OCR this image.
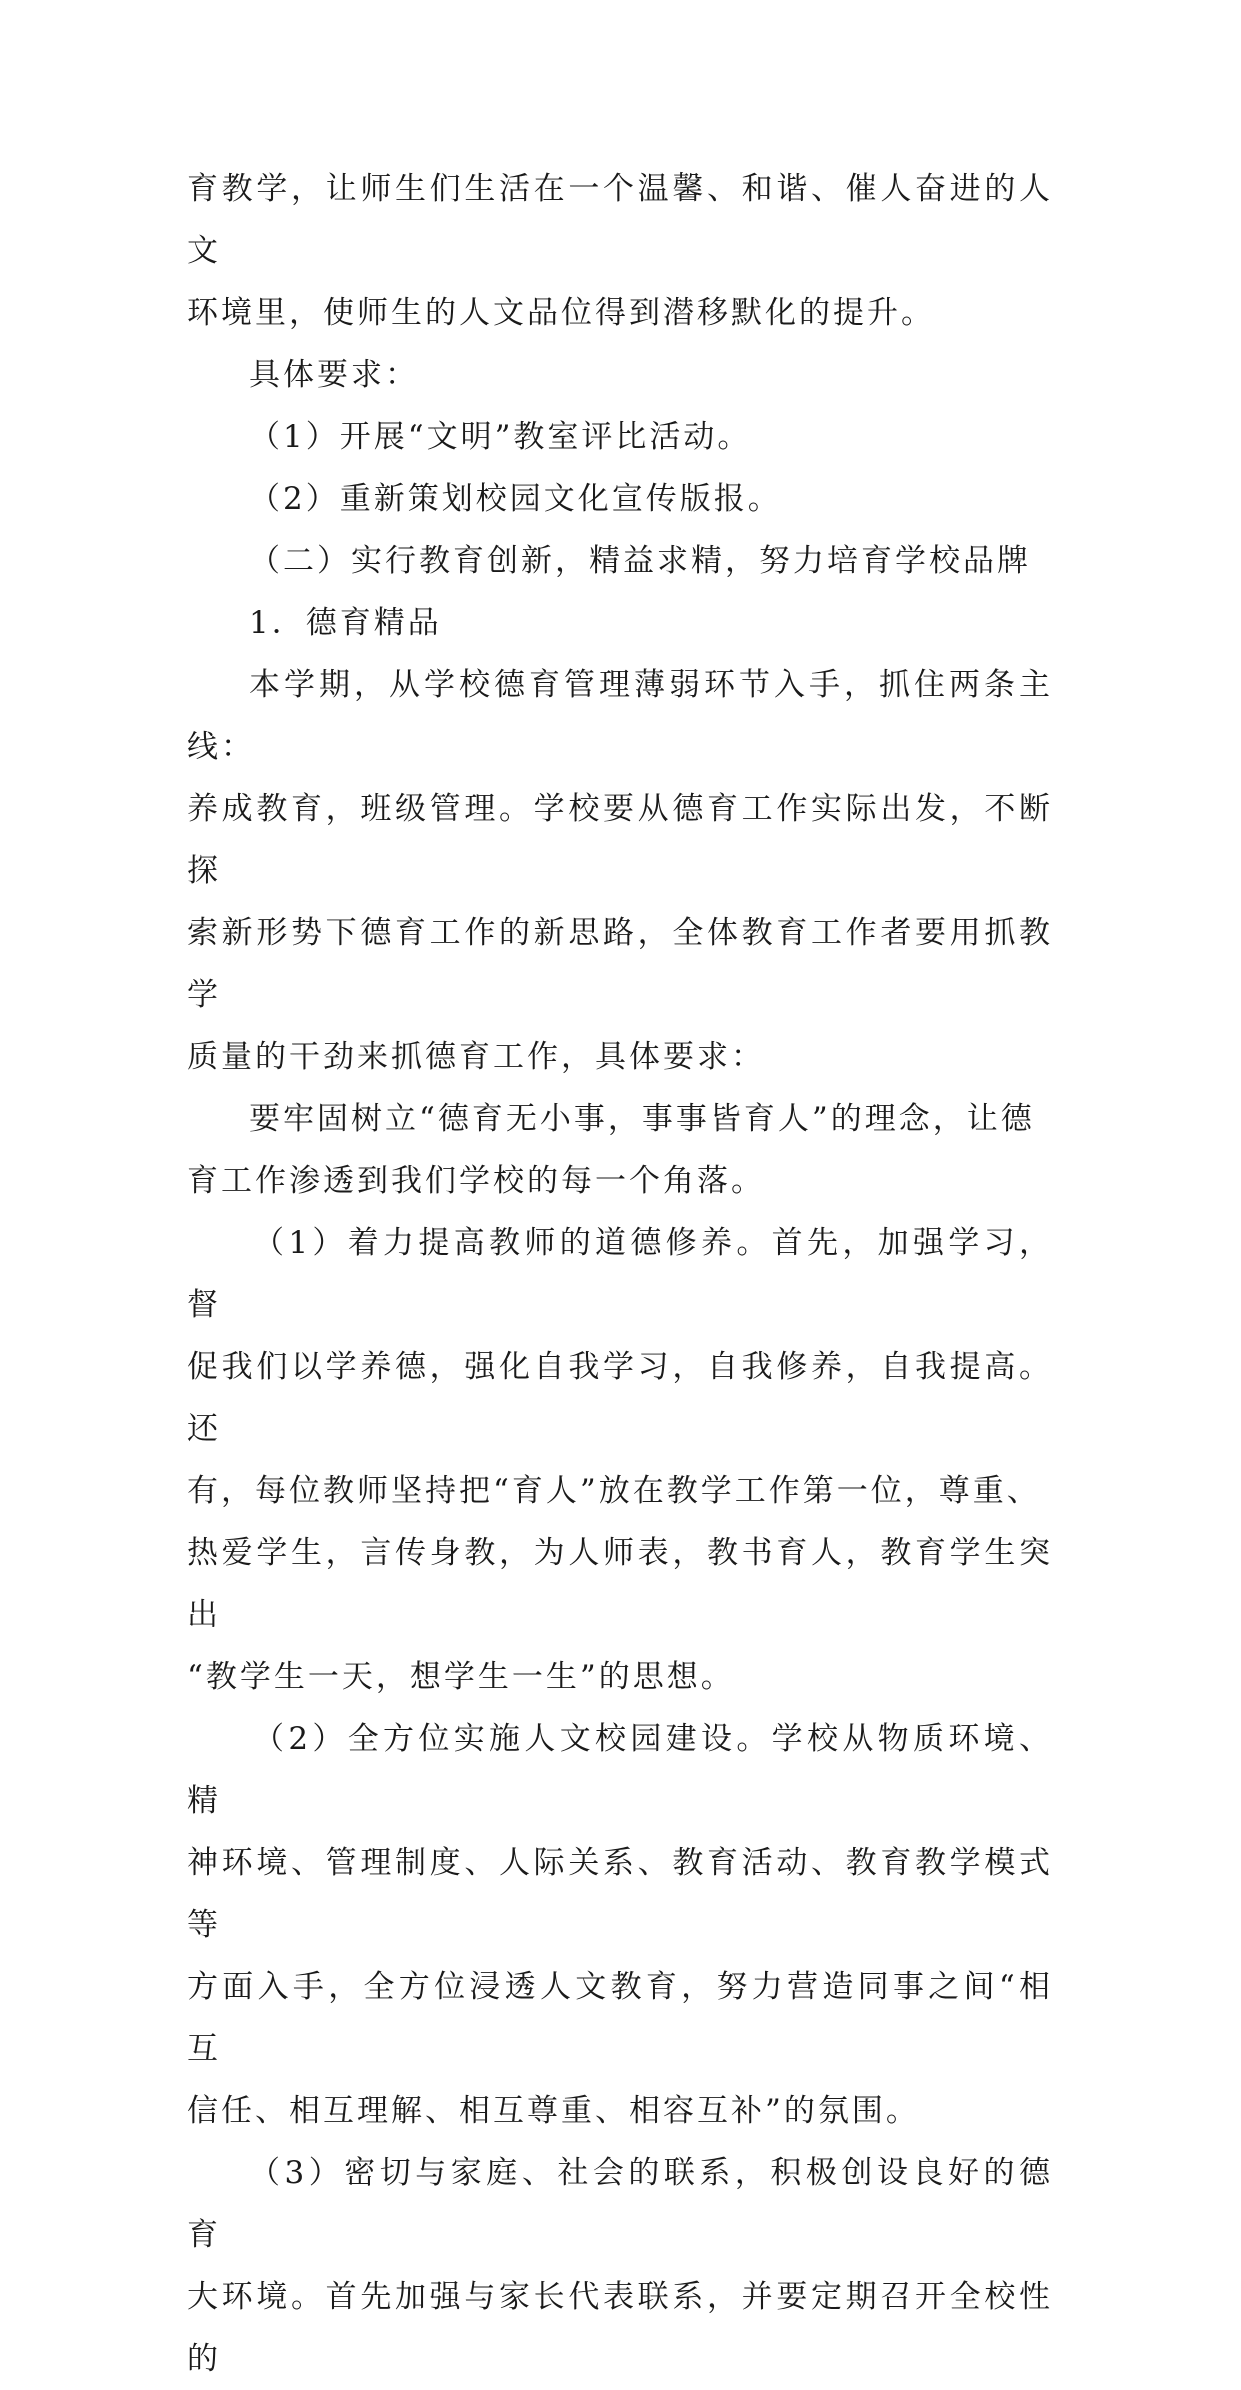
育教学，让师生们生活在一个温馨、和谐、催人奋进的人文
环境里，使师生的人文品位得到潜移默化的提升。

具体要求：

（1）开展“文明”教室评比活动。

（2）重新策划校园文化宣传版报。

（二）实行教育创新，精益求精，努力培育学校品牌

1．德育精品

本学期，从学校德育管理薄弱环节入手，抓住两条主线：
养成教育，班级管理。学校要从德育工作实际出发，不断探
索新形势下德育工作的新思路，全体教育工作者要用抓教学
质量的干劲来抓德育工作，具体要求：

要牢固树立“德育无小事，事事皆育人”的理念，让德
育工作渗透到我们学校的每一个角落。

（1）着力提高教师的道德修养。首先，加强学习，督
促我们以学养德，强化自我学习，自我修养，自我提高。还
有，每位教师坚持把“育人”放在教学工作第一位，尊重、
热爱学生，言传身教，为人师表，教书育人，教育学生突出
“教学生一天，想学生一生”的思想。

（2）全方位实施人文校园建设。学校从物质环境、精
神环境、管理制度、人际关系、教育活动、教育教学模式等
方面入手，全方位浸透人文教育，努力营造同事之间“相互
信任、相互理解、相互尊重、相容互补”的氛围。

（3）密切与家庭、社会的联系，积极创设良好的德育
大环境。首先加强与家长代表联系，并要定期召开全校性的
